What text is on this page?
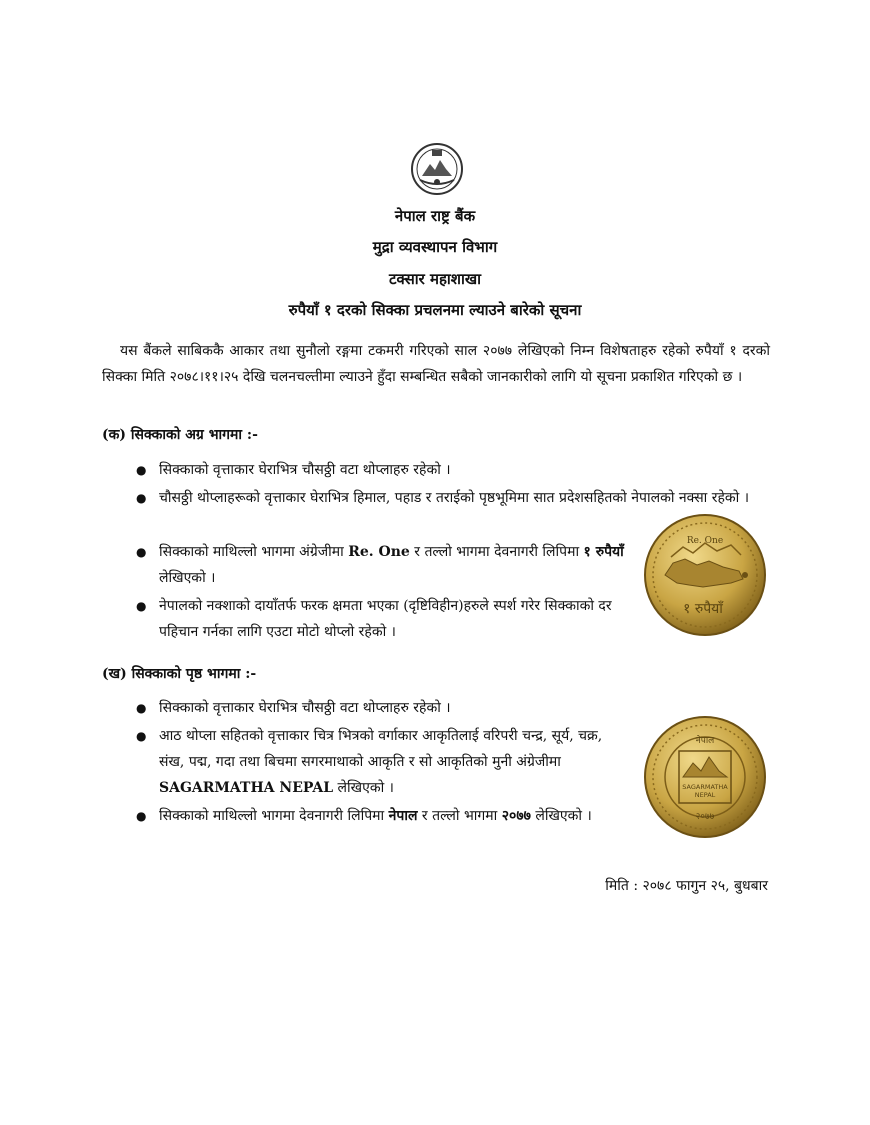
नेपाल राष्ट्र बैंक
मुद्रा व्यवस्थापन विभाग
टक्सार महाशाखा
रुपैयाँ १ दरको सिक्का प्रचलनमा ल्याउने बारेको सूचना
यस बैंकले साबिककै आकार तथा सुनौलो रङ्गमा टकमरी गरिएको साल २०७७ लेखिएको निम्न विशेषताहरु रहेको रुपैयाँ १ दरको सिक्का मिति २०७८।११।२५ देखि चलनचल्तीमा ल्याउने हुँदा सम्बन्धित सबैको जानकारीको लागि यो सूचना प्रकाशित गरिएको छ ।
(क) सिक्काको अग्र भागमा :-
● सिक्काको वृत्ताकार घेराभित्र चौसठ्ठी वटा थोप्लाहरु रहेको ।
● चौसठ्ठी थोप्लाहरूको वृत्ताकार घेराभित्र हिमाल, पहाड र तराईको पृष्ठभूमिमा सात प्रदेशसहितको नेपालको नक्सा रहेको ।
● सिक्काको माथिल्लो भागमा अंग्रेजीमा Re. One र तल्लो भागमा देवनागरी लिपिमा १ रुपैयाँ लेखिएको ।
● नेपालको नक्शाको दायाँतर्फ फरक क्षमता भएका (दृष्टिविहीन)हरुले स्पर्श गरेर सिक्काको दर पहिचान गर्नका लागि एउटा मोटो थोप्लो रहेको ।
Re. One
१ रुपैयाँ
(ख) सिक्काको पृष्ठ भागमा :-
● सिक्काको वृत्ताकार घेराभित्र चौसठ्ठी वटा थोप्लाहरु रहेको ।
● आठ थोप्ला सहितको वृत्ताकार चित्र भित्रको वर्गाकार आकृतिलाई वरिपरी चन्द्र, सूर्य, चक्र, संख, पद्म, गदा तथा बिचमा सगरमाथाको आकृति र सो आकृतिको मुनी अंग्रेजीमा SAGARMATHA NEPAL लेखिएको ।
● सिक्काको माथिल्लो भागमा देवनागरी लिपिमा नेपाल र तल्लो भागमा २०७७ लेखिएको ।
नेपाल
SAGARMATHA
NEPAL
२०७७
मिति : २०७८ फागुन २५, बुधबार
